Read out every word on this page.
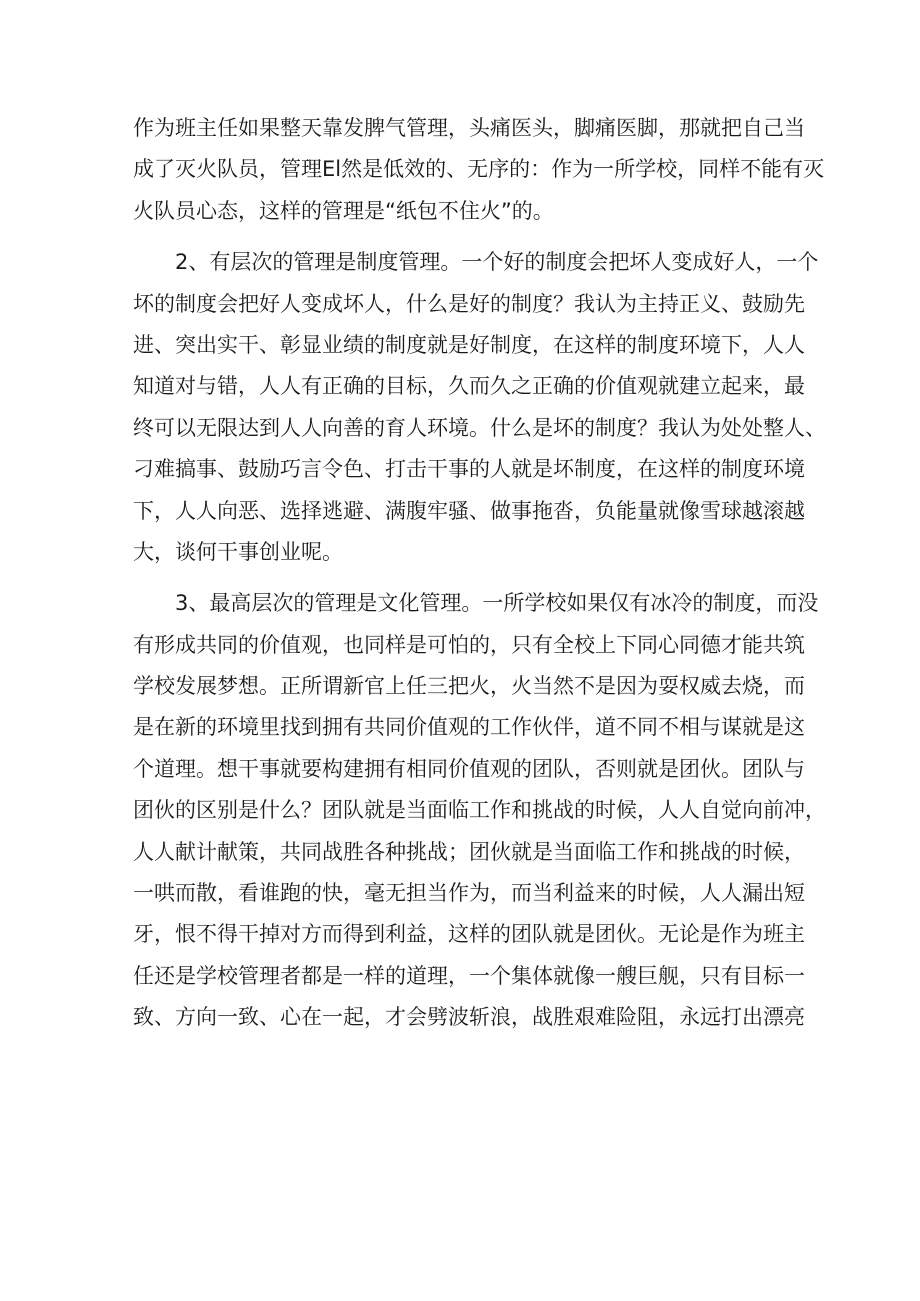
作为班主任如果整天靠发脾气管理，头痛医头，脚痛医脚，那就把自己当
成了灭火队员，管理El然是低效的、无序的：作为一所学校，同样不能有灭
火队员心态，这样的管理是“纸包不住火”的。
2、有层次的管理是制度管理。一个好的制度会把坏人变成好人，一个
坏的制度会把好人变成坏人，什么是好的制度？我认为主持正义、鼓励先
进、突出实干、彰显业绩的制度就是好制度，在这样的制度环境下，人人
知道对与错，人人有正确的目标，久而久之正确的价值观就建立起来，最
终可以无限达到人人向善的育人环境。什么是坏的制度？我认为处处整人、
刁难搞事、鼓励巧言令色、打击干事的人就是坏制度，在这样的制度环境
下，人人向恶、选择逃避、满腹牢骚、做事拖沓，负能量就像雪球越滚越
大，谈何干事创业呢。
3、最高层次的管理是文化管理。一所学校如果仅有冰冷的制度，而没
有形成共同的价值观，也同样是可怕的，只有全校上下同心同德才能共筑
学校发展梦想。正所谓新官上任三把火，火当然不是因为耍权威去烧，而
是在新的环境里找到拥有共同价值观的工作伙伴，道不同不相与谋就是这
个道理。想干事就要构建拥有相同价值观的团队，否则就是团伙。团队与
团伙的区别是什么？团队就是当面临工作和挑战的时候，人人自觉向前冲，
人人献计献策，共同战胜各种挑战；团伙就是当面临工作和挑战的时候，
一哄而散，看谁跑的快，毫无担当作为，而当利益来的时候，人人漏出短
牙，恨不得干掉对方而得到利益，这样的团队就是团伙。无论是作为班主
任还是学校管理者都是一样的道理，一个集体就像一艘巨舰，只有目标一
致、方向一致、心在一起，才会劈波斩浪，战胜艰难险阻，永远打出漂亮
